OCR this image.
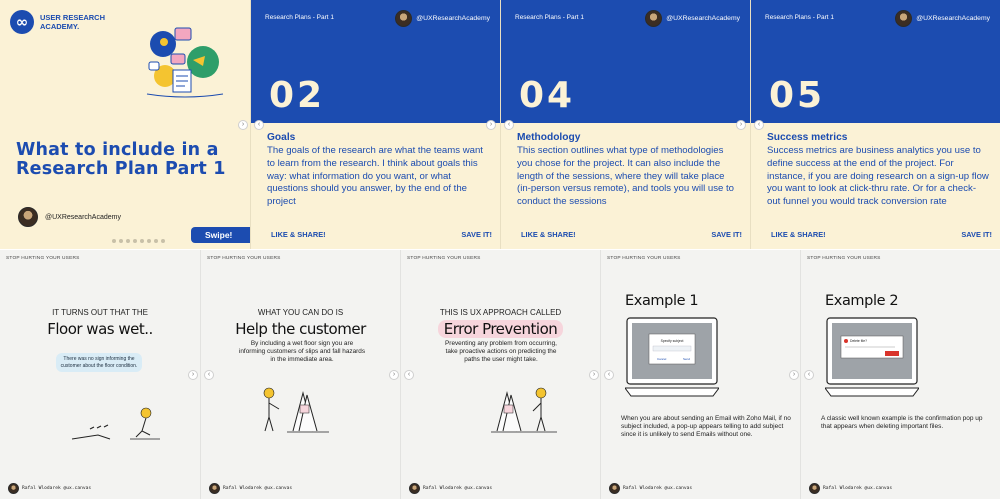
∞	USER RESEARCH ACADEMY.
What to include in a Research Plan Part 1
@UXResearchAcademy
Swipe!
›
Research Plans - Part 1	@UXResearchAcademy
02
Goals
The goals of the research are what the teams want to learn from the research. I think about goals this way: what information do you want, or what questions should you answer, by the end of the project
LIKE & SHARE!	SAVE IT!
‹	›
Research Plans - Part 1	@UXResearchAcademy
04
Methodology
This section outlines what type of methodologies you chose for the project. It can also include the length of the sessions, where they will take place (in-person versus remote), and tools you will use to conduct the sessions
LIKE & SHARE!	SAVE IT!
‹	›
Research Plans - Part 1	@UXResearchAcademy
05
Success metrics
Success metrics are business analytics you use to define success at the end of the project. For instance, if you are doing research on a sign-up flow you want to look at click-thru rate. Or for a check-out funnel you would track conversion rate
LIKE & SHARE!	SAVE IT!
‹
STOP HURTING YOUR USERS
IT TURNS OUT THAT THE
Floor was wet..
There was no sign informing the customer about the floor condition.
Rafal Wlodarek @ux.canvas
›
STOP HURTING YOUR USERS
WHAT YOU CAN DO IS
Help the customer
By including a wet floor sign you are informing customers of slips and fall hazards in the immediate area.
Rafal Wlodarek @ux.canvas
‹	›
STOP HURTING YOUR USERS
THIS IS UX APPROACH CALLED
Error Prevention
Preventing any problem from occurring, take proactive actions on predicting the paths the user might take.
Rafal Wlodarek @ux.canvas
‹	›
STOP HURTING YOUR USERS
Example 1
Specify subject
Cancel	Send
When you are about sending an Email with Zoho Mail, if no subject included, a pop-up appears telling to add subject since it is unlikely to send Emails without one.
Rafal Wlodarek @ux.canvas
‹	›
STOP HURTING YOUR USERS
Example 2
Delete file?
A classic well known example is the confirmation pop up that appears when deleting important files.
Rafal Wlodarek @ux.canvas
‹
